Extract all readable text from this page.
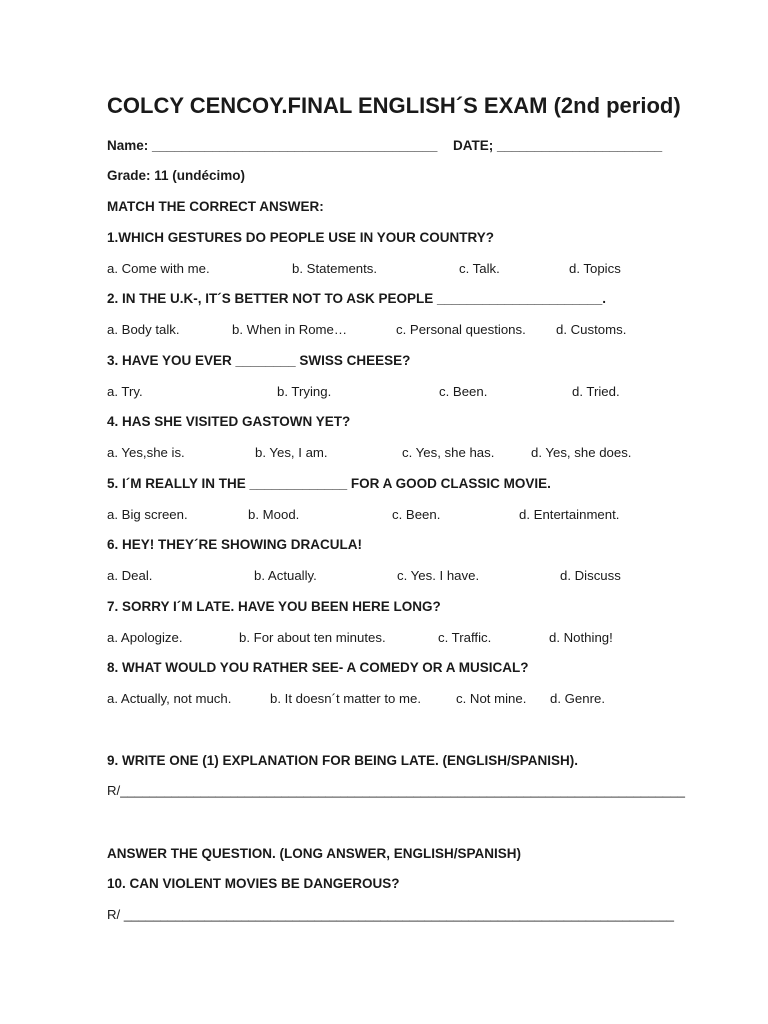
COLCY CENCOY.FINAL ENGLISH´S EXAM (2nd period)
Name: ______________________________________ DATE; ______________________
Grade: 11 (undécimo)
MATCH THE CORRECT ANSWER:
1.WHICH GESTURES DO PEOPLE USE IN YOUR COUNTRY?
a. Come with me.	b. Statements.	c. Talk.	d. Topics
2. IN THE U.K-, IT´S BETTER NOT TO ASK PEOPLE ______________________.
a. Body talk.	b. When in Rome…	c. Personal questions. d. Customs.
3. HAVE YOU EVER ________ SWISS CHEESE?
a. Try.	b. Trying.	c. Been.	d. Tried.
4. HAS SHE VISITED GASTOWN YET?
a. Yes,she is.	b. Yes, I am.	c. Yes, she has.	d. Yes, she does.
5. I´M REALLY IN THE _____________ FOR A GOOD CLASSIC MOVIE.
a. Big screen.	b. Mood.	c. Been.	d. Entertainment.
6. HEY! THEY´RE SHOWING DRACULA!
a. Deal.	b. Actually.	c. Yes. I have.	d. Discuss
7. SORRY I´M LATE. HAVE YOU BEEN HERE LONG?
a. Apologize.	b. For about ten minutes.	c. Traffic.	d. Nothing!
8. WHAT WOULD YOU RATHER SEE- A COMEDY OR A MUSICAL?
a. Actually, not much.	b. It doesn´t matter to me.	c. Not mine. d. Genre.
9. WRITE ONE (1) EXPLANATION FOR BEING LATE. (ENGLISH/SPANISH).
R/_____________________________________________________________________________
ANSWER THE QUESTION. (LONG ANSWER, ENGLISH/SPANISH)
10. CAN VIOLENT MOVIES BE DANGEROUS?
R/ ___________________________________________________________________________
